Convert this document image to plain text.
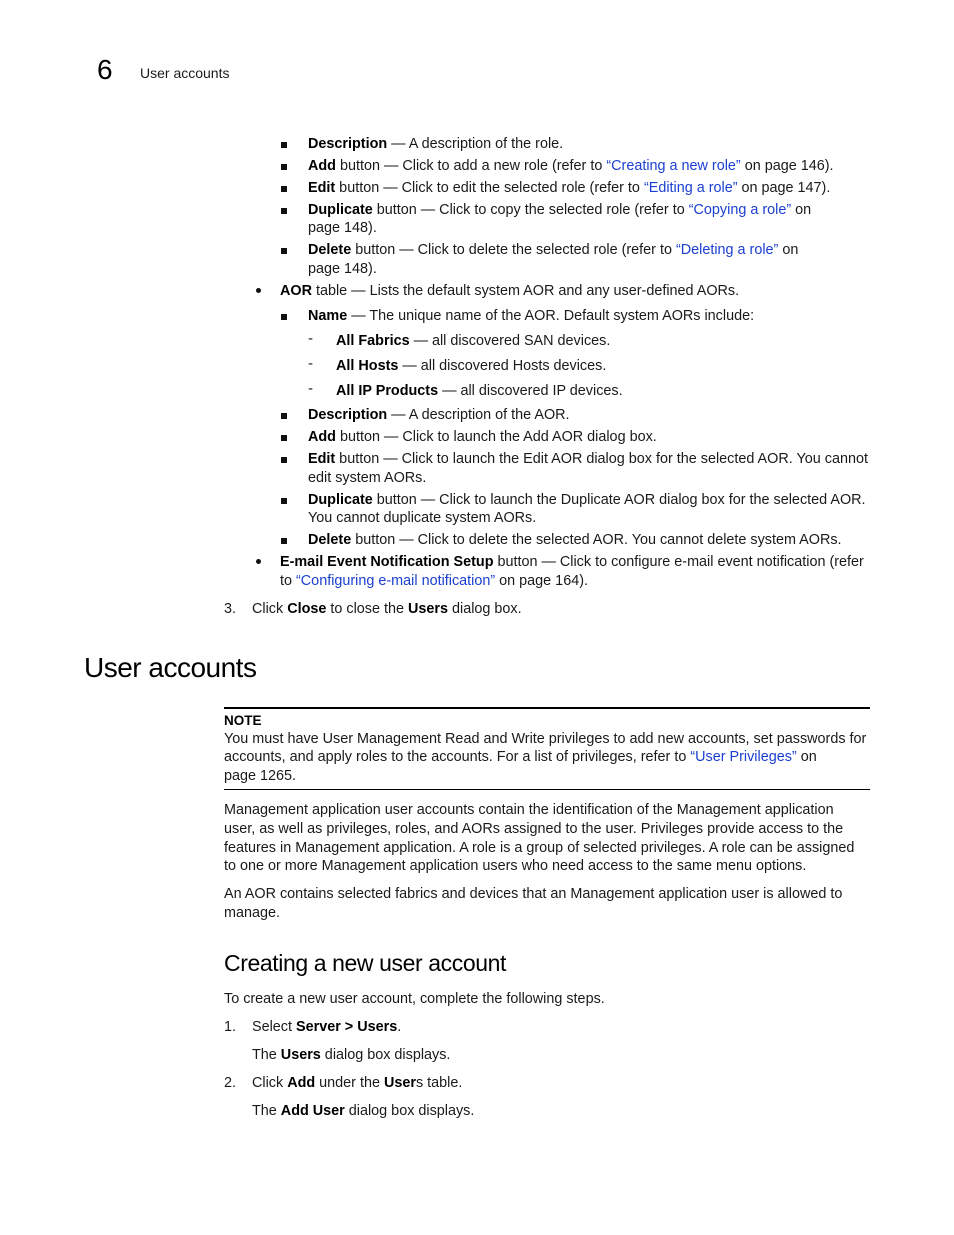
6 User accounts
Description — A description of the role.
Add button — Click to add a new role (refer to “Creating a new role” on page 146).
Edit button — Click to edit the selected role (refer to “Editing a role” on page 147).
Duplicate button — Click to copy the selected role (refer to “Copying a role” on
page 148).
Delete button — Click to delete the selected role (refer to “Deleting a role” on
page 148).
AOR table — Lists the default system AOR and any user-defined AORs.
Name — The unique name of the AOR. Default system AORs include:
- All Fabrics — all discovered SAN devices.
- All Hosts — all discovered Hosts devices.
- All IP Products — all discovered IP devices.
Description — A description of the AOR.
Add button — Click to launch the Add AOR dialog box.
Edit button — Click to launch the Edit AOR dialog box for the selected AOR. You cannot
edit system AORs.
Duplicate button — Click to launch the Duplicate AOR dialog box for the selected AOR.
You cannot duplicate system AORs.
Delete button — Click to delete the selected AOR. You cannot delete system AORs.
E-mail Event Notification Setup button — Click to configure e-mail event notification (refer
to “Configuring e-mail notification” on page 164).
3. Click Close to close the Users dialog box.
User accounts
NOTE
You must have User Management Read and Write privileges to add new accounts, set passwords for
accounts, and apply roles to the accounts. For a list of privileges, refer to “User Privileges” on
page 1265.
Management application user accounts contain the identification of the Management application
user, as well as privileges, roles, and AORs assigned to the user. Privileges provide access to the
features in Management application. A role is a group of selected privileges. A role can be assigned
to one or more Management application users who need access to the same menu options.
An AOR contains selected fabrics and devices that an Management application user is allowed to
manage.
Creating a new user account
To create a new user account, complete the following steps.
1. Select Server > Users.
The Users dialog box displays.
2. Click Add under the Users table.
The Add User dialog box displays.
